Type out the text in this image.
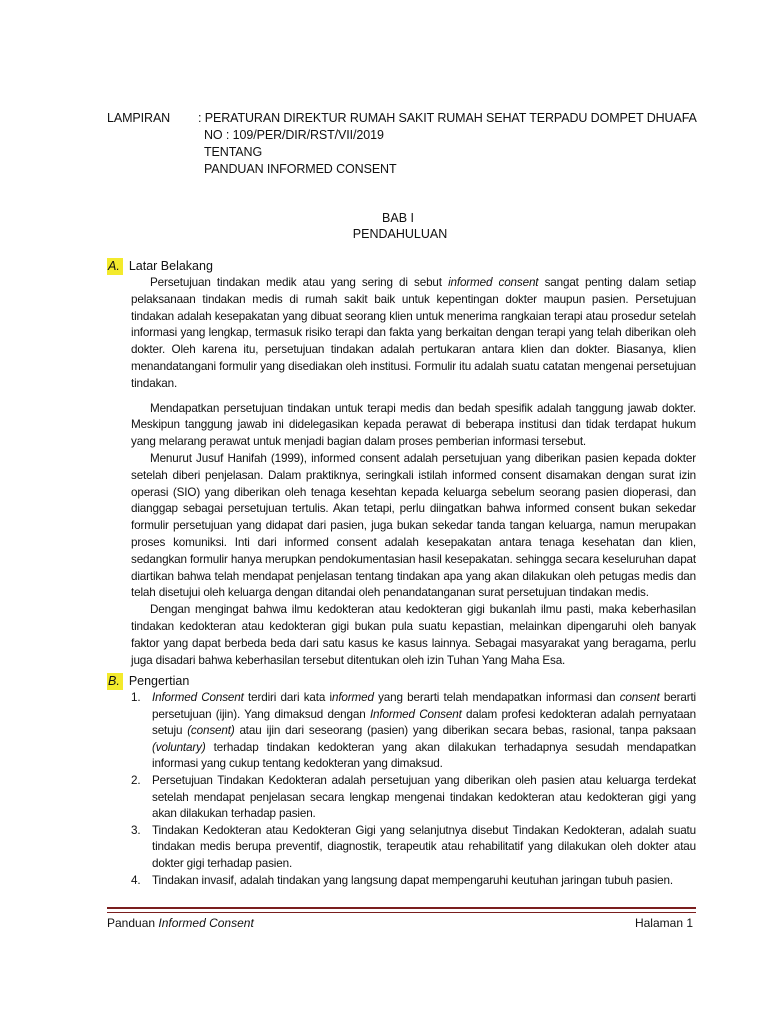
LAMPIRAN	: PERATURAN DIREKTUR RUMAH SAKIT RUMAH SEHAT TERPADU DOMPET DHUAFA
NO : 109/PER/DIR/RST/VII/2019
TENTANG
PANDUAN INFORMED CONSENT
BAB I
PENDAHULUAN
A. Latar Belakang

Persetujuan tindakan medik atau yang sering di sebut informed consent sangat penting dalam setiap pelaksanaan tindakan medis di rumah sakit baik untuk kepentingan dokter maupun pasien. Persetujuan tindakan adalah kesepakatan yang dibuat seorang klien untuk menerima rangkaian terapi atau prosedur setelah informasi yang lengkap, termasuk risiko terapi dan fakta yang berkaitan dengan terapi yang telah diberikan oleh dokter. Oleh karena itu, persetujuan tindakan adalah pertukaran antara klien dan dokter. Biasanya, klien menandatangani formulir yang disediakan oleh institusi. Formulir itu adalah suatu catatan mengenai persetujuan tindakan.

Mendapatkan persetujuan tindakan untuk terapi medis dan bedah spesifik adalah tanggung jawab dokter. Meskipun tanggung jawab ini didelegasikan kepada perawat di beberapa institusi dan tidak terdapat hukum yang melarang perawat untuk menjadi bagian dalam proses pemberian informasi tersebut.

Menurut Jusuf Hanifah (1999), informed consent adalah persetujuan yang diberikan pasien kepada dokter setelah diberi penjelasan. Dalam praktiknya, seringkali istilah informed consent disamakan dengan surat izin operasi (SIO) yang diberikan oleh tenaga kesehtan kepada keluarga sebelum seorang pasien dioperasi, dan dianggap sebagai persetujuan tertulis. Akan tetapi, perlu diingatkan bahwa informed consent bukan sekedar formulir persetujuan yang didapat dari pasien, juga bukan sekedar tanda tangan keluarga, namun merupakan proses komuniksi. Inti dari informed consent adalah kesepakatan antara tenaga kesehatan dan klien, sedangkan formulir hanya merupkan pendokumentasian hasil kesepakatan. sehingga secara keseluruhan dapat diartikan bahwa telah mendapat penjelasan tentang tindakan apa yang akan dilakukan oleh petugas medis dan telah disetujui oleh keluarga dengan ditandai oleh penandatanganan surat persetujuan tindakan medis.

Dengan mengingat bahwa ilmu kedokteran atau kedokteran gigi bukanlah ilmu pasti, maka keberhasilan tindakan kedokteran atau kedokteran gigi bukan pula suatu kepastian, melainkan dipengaruhi oleh banyak faktor yang dapat berbeda beda dari satu kasus ke kasus lainnya. Sebagai masyarakat yang beragama, perlu juga disadari bahwa keberhasilan tersebut ditentukan oleh izin Tuhan Yang Maha Esa.

B. Pengertian
1. Informed Consent terdiri dari kata informed yang berarti telah mendapatkan informasi dan consent berarti persetujuan (ijin). Yang dimaksud dengan Informed Consent dalam profesi kedokteran adalah pernyataan setuju (consent) atau ijin dari seseorang (pasien) yang diberikan secara bebas, rasional, tanpa paksaan (voluntary) terhadap tindakan kedokteran yang akan dilakukan terhadapnya sesudah mendapatkan informasi yang cukup tentang kedokteran yang dimaksud.
2. Persetujuan Tindakan Kedokteran adalah persetujuan yang diberikan oleh pasien atau keluarga terdekat setelah mendapat penjelasan secara lengkap mengenai tindakan kedokteran atau kedokteran gigi yang akan dilakukan terhadap pasien.
3. Tindakan Kedokteran atau Kedokteran Gigi yang selanjutnya disebut Tindakan Kedokteran, adalah suatu tindakan medis berupa preventif, diagnostik, terapeutik atau rehabilitatif yang dilakukan oleh dokter atau dokter gigi terhadap pasien.
4. Tindakan invasif, adalah tindakan yang langsung dapat mempengaruhi keutuhan jaringan tubuh pasien.
Panduan Informed Consent	Halaman 1
